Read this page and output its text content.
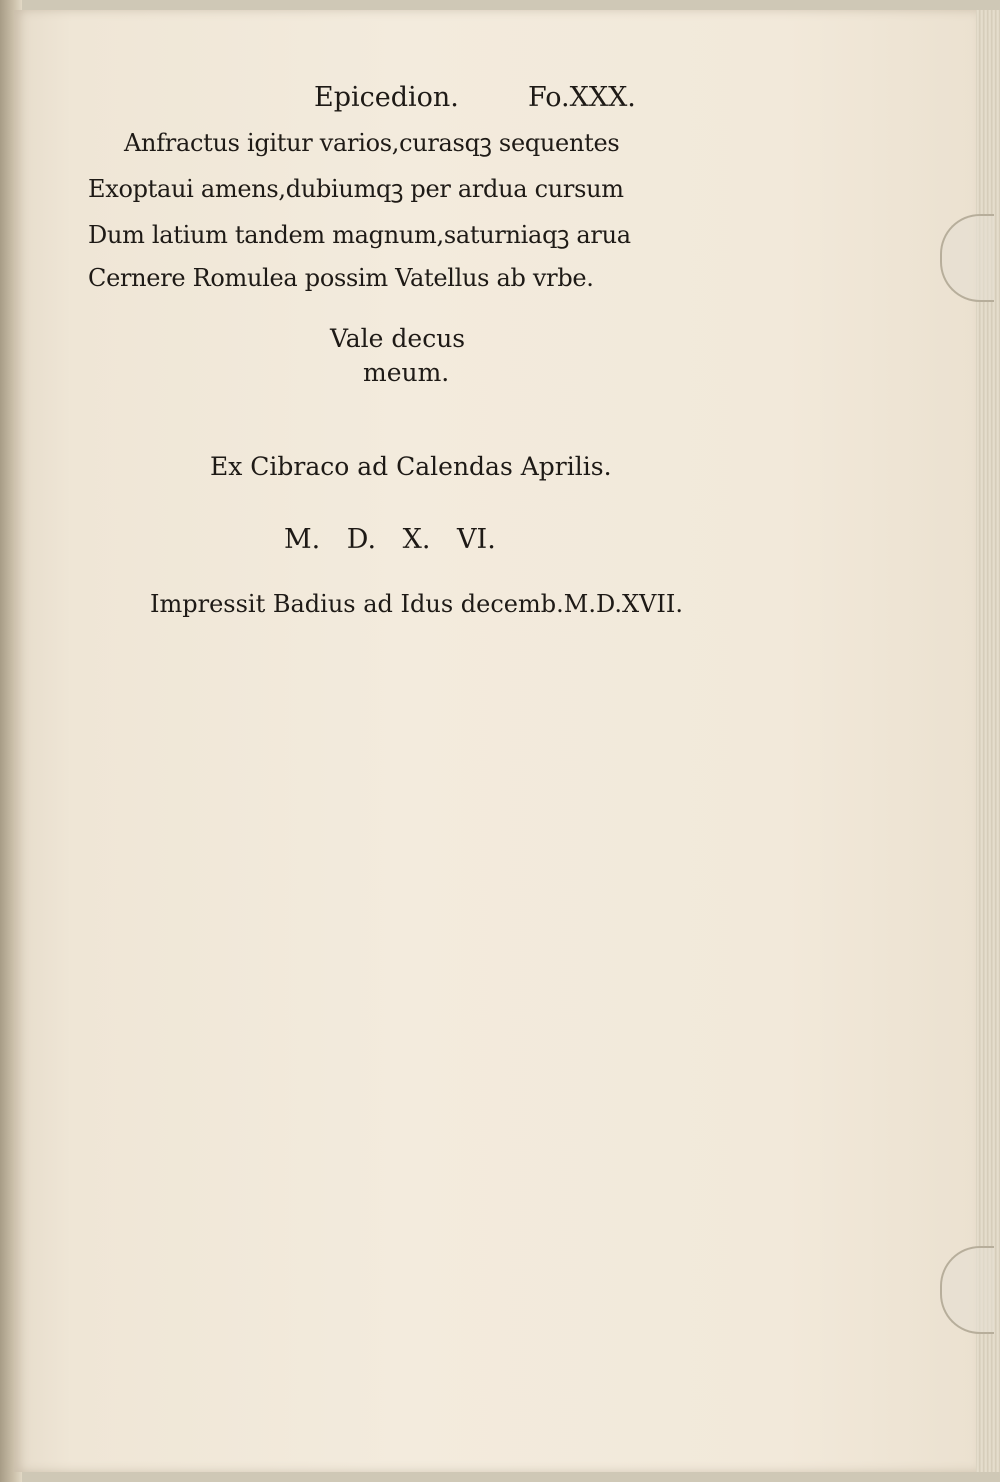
Epicedion.	Fo.XXX.
Anfractus igitur varios,curasqꝫ sequentes
Exoptaui amens,dubiumqꝫ per ardua cursum
Dum latium tandem magnum,saturniaqꝫ arua
Cernere Romulea possim Vatellus ab vrbe.
Vale decus
meum.
Ex Cibraco ad Calendas Aprilis.
M. D. X. VI.
Impressit Badius ad Idus decemb.M.D.XVII.
